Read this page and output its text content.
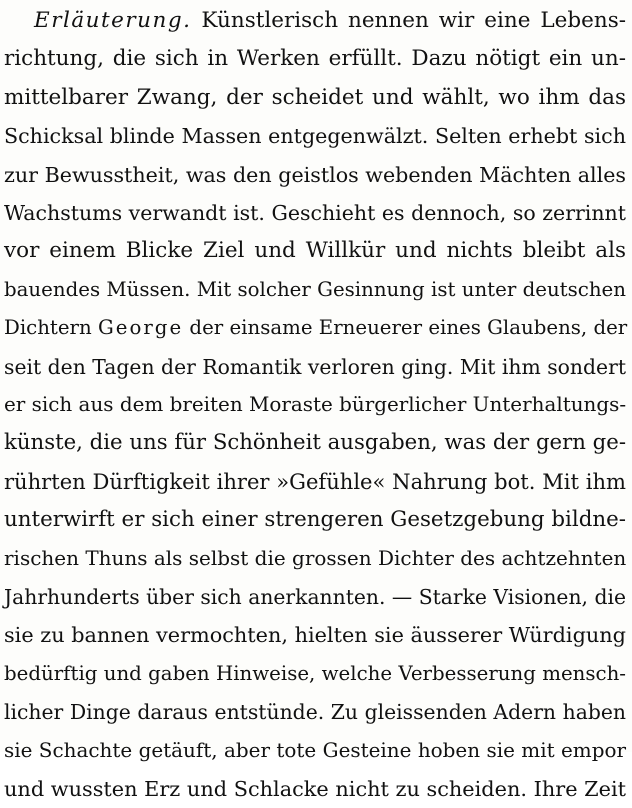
Erläuterung. Künstlerisch nennen wir eine Lebens-
richtung, die sich in Werken erfüllt. Dazu nötigt ein un-
mittelbarer Zwang, der scheidet und wählt, wo ihm das
Schicksal blinde Massen entgegenwälzt. Selten erhebt sich
zur Bewusstheit, was den geistlos webenden Mächten alles
Wachstums verwandt ist. Geschieht es dennoch, so zerrinnt
vor einem Blicke Ziel und Willkür und nichts bleibt als
bauendes Müssen. Mit solcher Gesinnung ist unter deutschen
Dichtern George der einsame Erneuerer eines Glaubens, der
seit den Tagen der Romantik verloren ging. Mit ihm sondert
er sich aus dem breiten Moraste bürgerlicher Unterhaltungs-
künste, die uns für Schönheit ausgaben, was der gern ge-
rührten Dürftigkeit ihrer »Gefühle« Nahrung bot. Mit ihm
unterwirft er sich einer strengeren Gesetzgebung bildne-
rischen Thuns als selbst die grossen Dichter des achtzehnten
Jahrhunderts über sich anerkannten. — Starke Visionen, die
sie zu bannen vermochten, hielten sie äusserer Würdigung
bedürftig und gaben Hinweise, welche Verbesserung mensch-
licher Dinge daraus entstünde. Zu gleissenden Adern haben
sie Schachte getäuft, aber tote Gesteine hoben sie mit empor
und wussten Erz und Schlacke nicht zu scheiden. Ihre Zeit
